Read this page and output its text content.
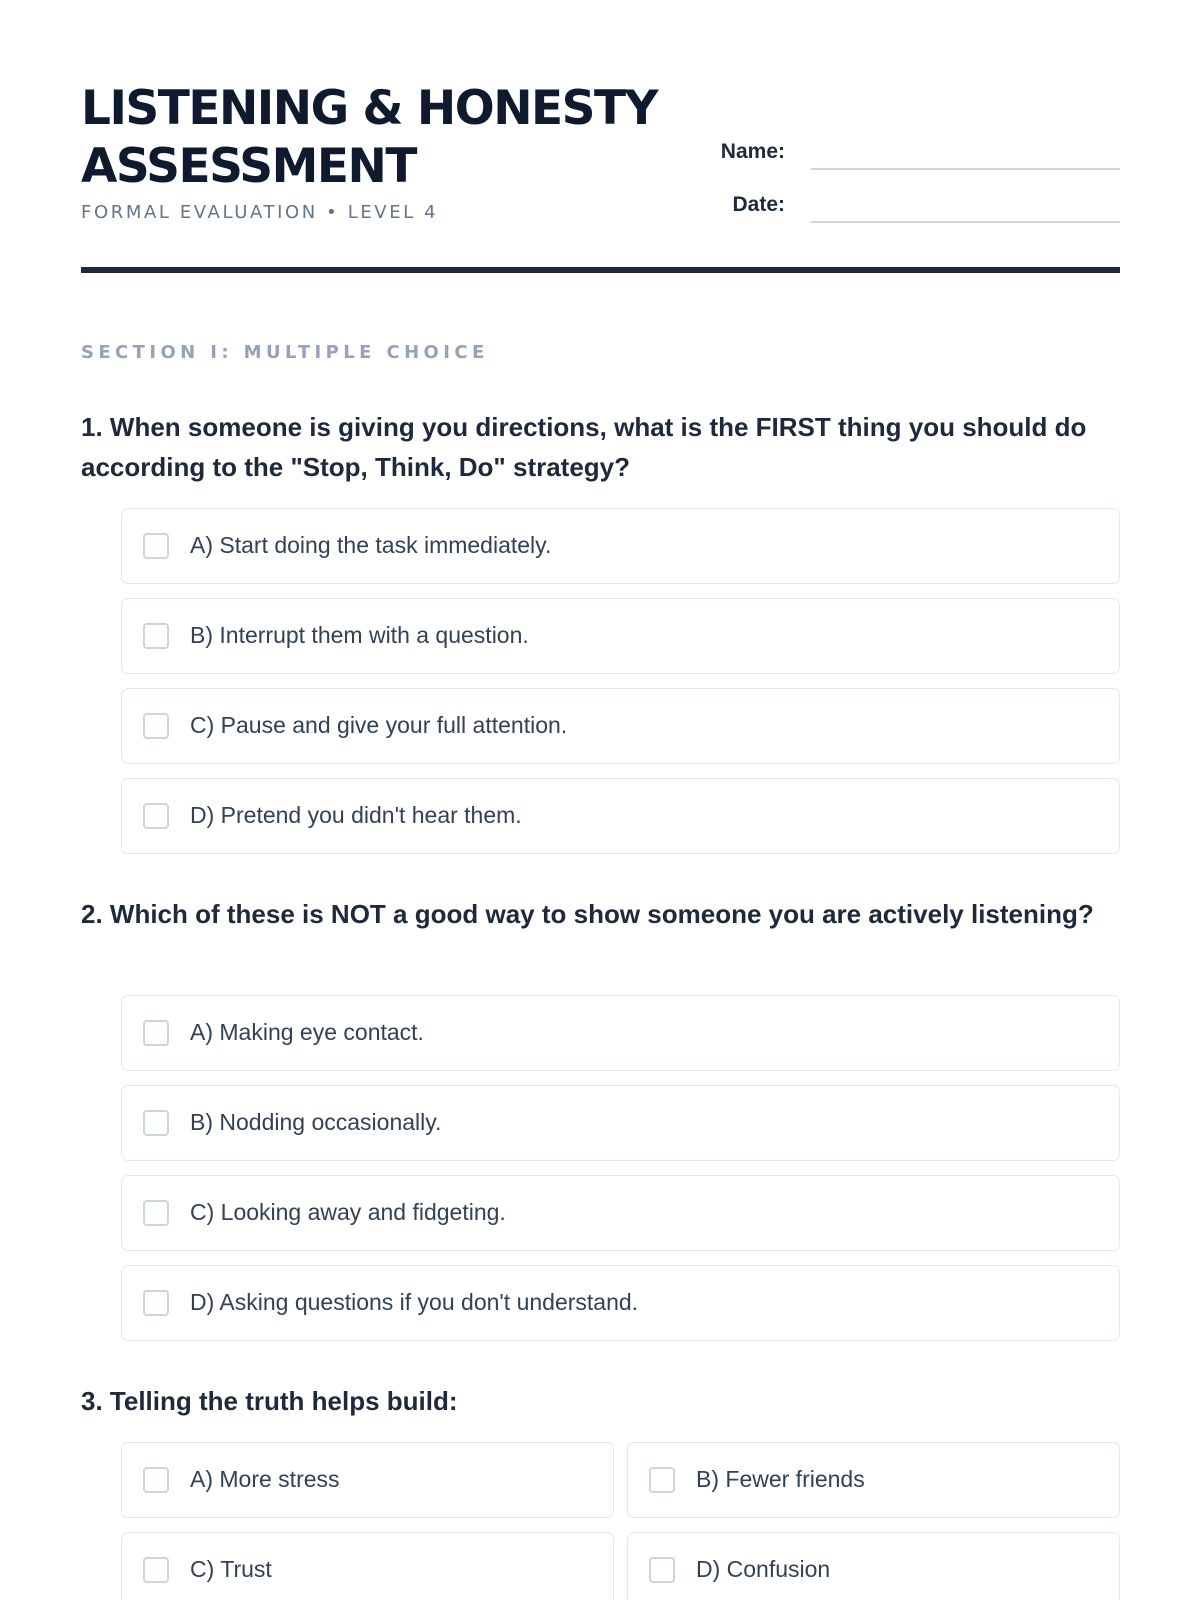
LISTENING & HONESTY
ASSESSMENT
FORMAL EVALUATION • LEVEL 4
Name:
Date:
SECTION I: MULTIPLE CHOICE

1. When someone is giving you directions, what is the FIRST thing you should do according to the "Stop, Think, Do" strategy?

A) Start doing the task immediately.
B) Interrupt them with a question.
C) Pause and give your full attention.
D) Pretend you didn't hear them.

2. Which of these is NOT a good way to show someone you are actively listening?

A) Making eye contact.
B) Nodding occasionally.
C) Looking away and fidgeting.
D) Asking questions if you don't understand.

3. Telling the truth helps build:

A) More stress	B) Fewer friends
C) Trust	D) Confusion
